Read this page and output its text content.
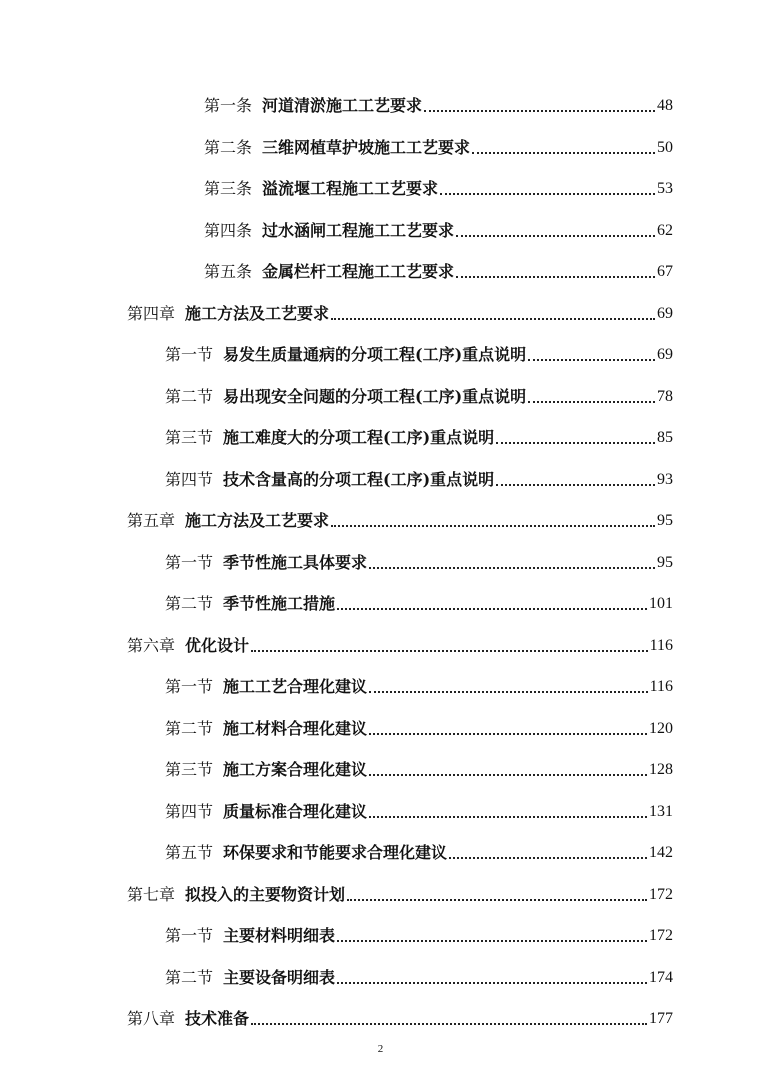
第一条 河道清淤施工工艺要求	48
第二条 三维网植草护坡施工工艺要求	50
第三条 溢流堰工程施工工艺要求	53
第四条 过水涵闸工程施工工艺要求	62
第五条 金属栏杆工程施工工艺要求	67
第四章 施工方法及工艺要求	69
第一节 易发生质量通病的分项工程(工序)重点说明	69
第二节 易出现安全问题的分项工程(工序)重点说明	78
第三节 施工难度大的分项工程(工序)重点说明	85
第四节 技术含量高的分项工程(工序)重点说明	93
第五章 施工方法及工艺要求	95
第一节 季节性施工具体要求	95
第二节 季节性施工措施	101
第六章 优化设计	116
第一节 施工工艺合理化建议	116
第二节 施工材料合理化建议	120
第三节 施工方案合理化建议	128
第四节 质量标准合理化建议	131
第五节 环保要求和节能要求合理化建议	142
第七章 拟投入的主要物资计划	172
第一节 主要材料明细表	172
第二节 主要设备明细表	174
第八章 技术准备	177
2
